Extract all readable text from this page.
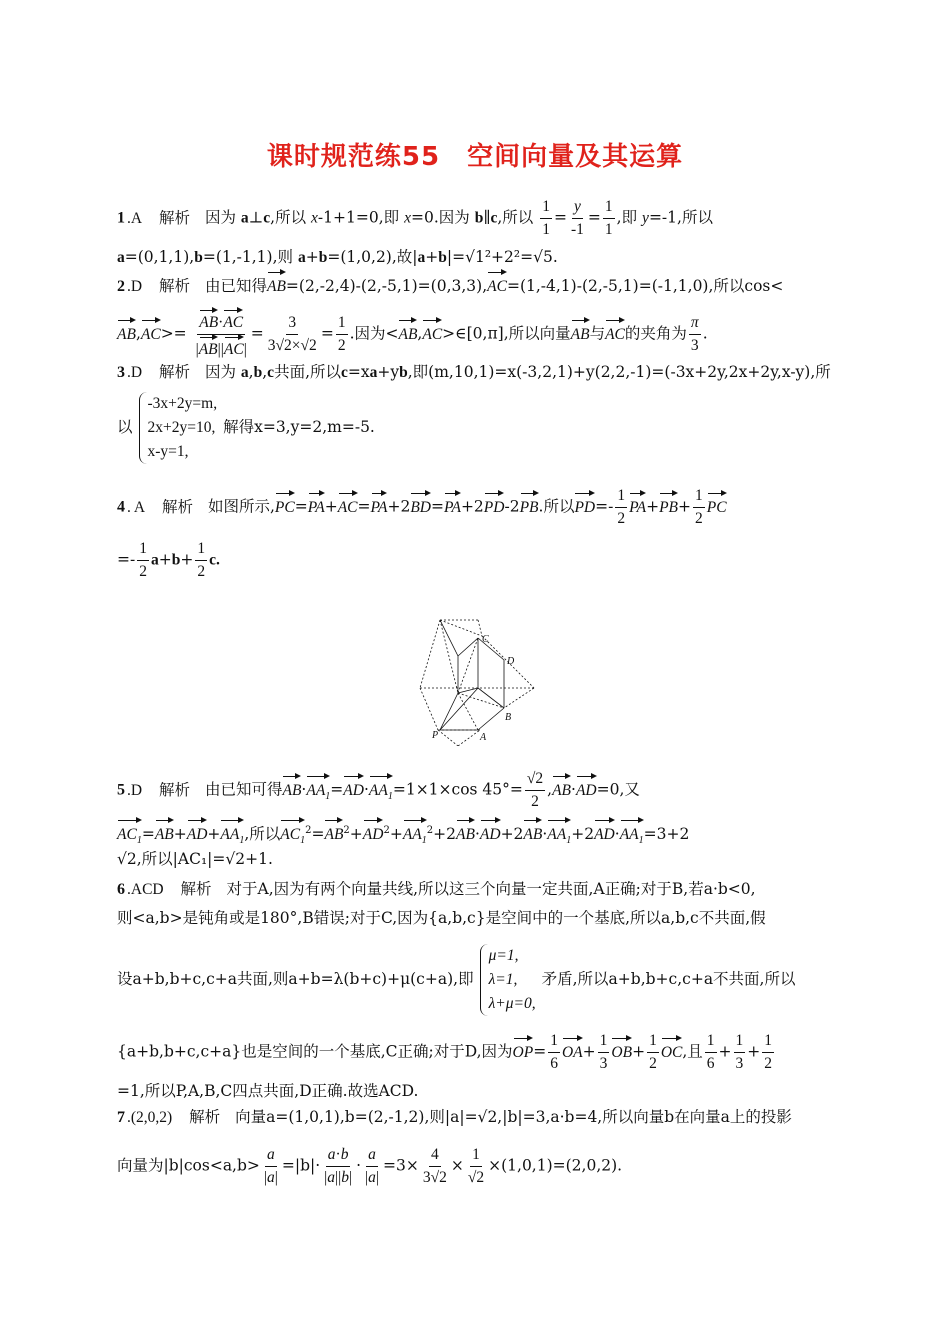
课时规范练55　空间向量及其运算
1 .A 解析 因为 a⊥c,所以 x-1+1=0,即 x=0.因为 b∥c,所以 $\frac{1}{1} = \frac{y}{-1} = \frac{1}{1}$ ,即 y=-1,所以
a=(0,1,1),b=(1,-1,1),则 a+b=(1,0,2),故|a+b|=√1²+2²=√5.
2 .D 解析 由已知得AB=(2,-2,4)-(2,-5,1)=(0,3,3),AC=(1,-4,1)-(2,-5,1)=(-1,1,0),所以cos<
$AB,AC>= \frac{AB\cdot AC}{|AB||AC|} = \frac{3}{3√2\times√2} = \frac{1}{2}$ .因为<AB,AC>∈[0,π],所以向量AB与AC的夹角为 $\frac{\pi}{3}$ .
3 .D 解析 因为 a,b,c共面,所以c=xa+yb,即(m,10,1)=x(-3,2,1)+y(2,2,-1)=(-3x+2y,2x+2y,x-y),所
以
-3x+2y=m,
2x+2y=10,
x-y=1,
解得x=3,y=2,m=-5.
4 . A 解析 如图所示,PC=PA+AC=PA+2BD=PA+2PD-2PB.所以$PD=- \frac{1}{2} PA+PB+ \frac{1}{2}$ PC
=- $\frac{1}{2} a+b+ \frac{1}{2} c$.
C
D
B
P	A
5 .D 解析 由已知可得$AB\cdot AA_1=AD\cdot AA_1=1\times 1\times\cos$ $45^\circ= \frac{√2}{2} ,AB\cdot AD=0$,又
$AC_1=AB+AD+AA_1$,所以$AC_1^2=AB^2+AD^2+AA_1^2+2AB\cdot AD+2AB\cdot AA_1+2AD\cdot AA_1=3+2$
√2,所以|AC₁|=√2+1.
6 .ACD 解析 对于A,因为有两个向量共线,所以这三个向量一定共面,A正确;对于B,若a·b<0,
则<a,b>是钝角或是180°,B错误;对于C,因为{a,b,c}是空间中的一个基底,所以a,b,c不共面,假
设a+b,b+c,c+a共面,则a+b=λ(b+c)+μ(c+a),即
μ=1,
λ=1,
λ+μ=0,
矛盾,所以a+b,b+c,c+a不共面,所以
{a+b,b+c,c+a}也是空间的一个基底,C正确;对于D,因为$OP= \frac{1}{6} OA+ \frac{1}{3} OB+ \frac{1}{2}$ OC,且 $\frac{1}{6} + \frac{1}{3} + \frac{1}{2}$
=1,所以P,A,B,C四点共面,D正确.故选ACD.
7 .(2,0,2) 解析 向量a=(1,0,1),b=(2,-1,2),则|a|=√2,|b|=3,a·b=4,所以向量b在向量a上的投影
向量为$|b|\cos<a,b> \frac{a}{|a|} =|b|\cdot \frac{a\cdot b}{|a||b|} \cdot \frac{a}{|a|} =3\times \frac{4}{3√2} \times \frac{1}{√2} \times(1,0,1)=(2,0,2)$.
